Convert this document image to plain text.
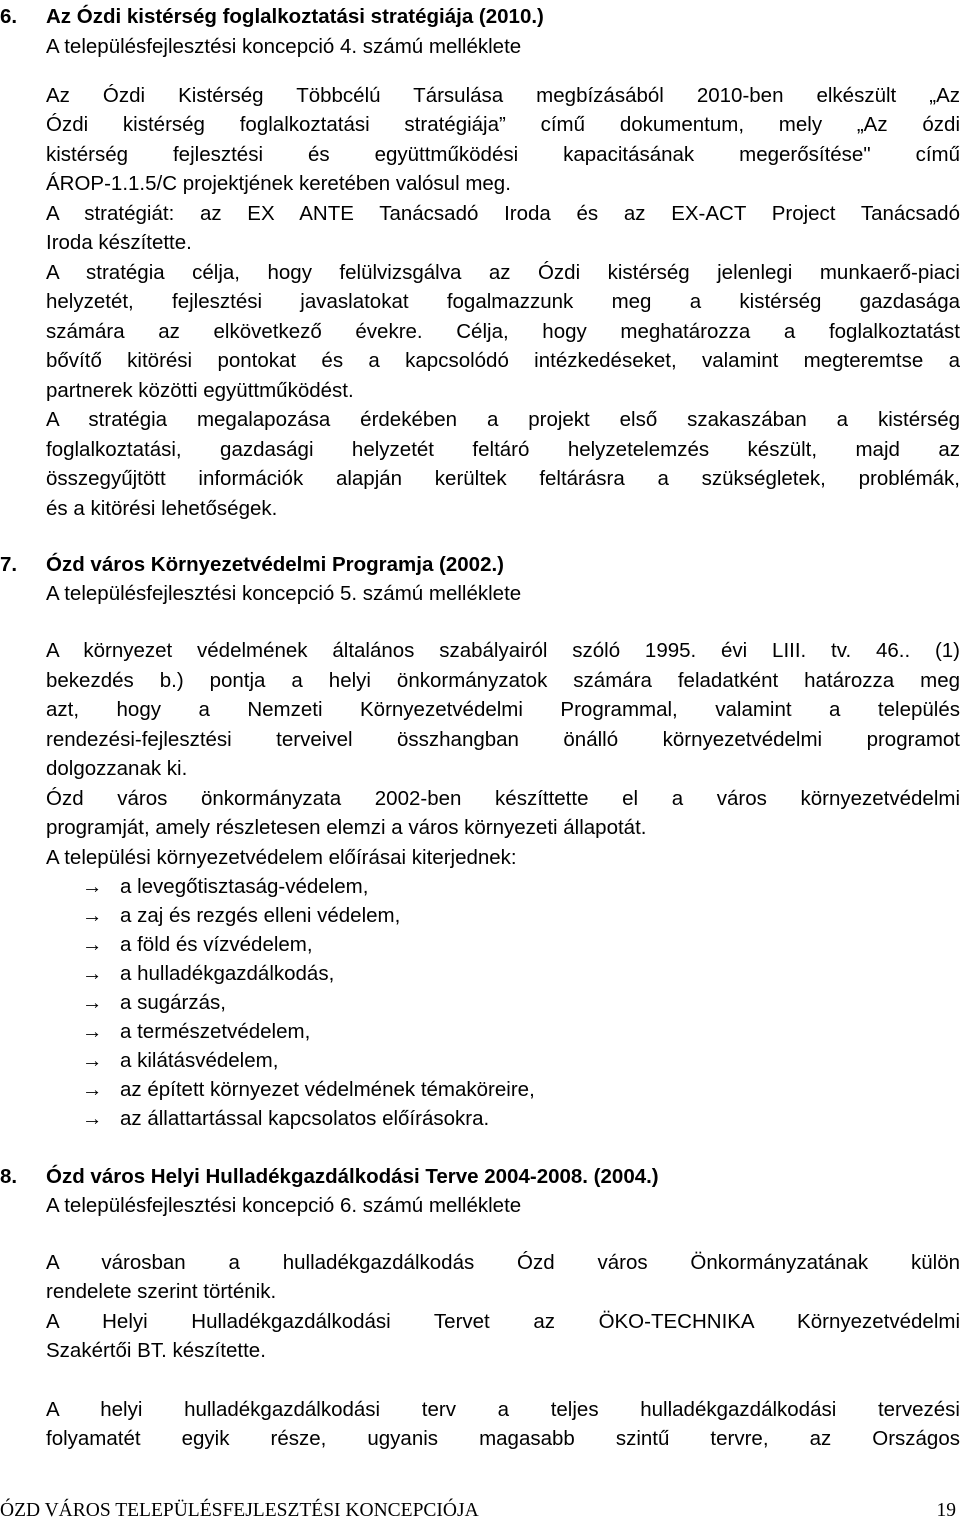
6.	Az Ózdi kistérség foglalkoztatási stratégiája (2010.)
A településfejlesztési koncepció 4. számú melléklete
Az Ózdi Kistérség Többcélú Társulása megbízásából 2010-ben elkészült „Az
Ózdi kistérség foglalkoztatási stratégiája” című dokumentum, mely „Az ózdi
kistérség fejlesztési és együttműködési kapacitásának megerősítése" című
ÁROP-1.1.5/C projektjének keretében valósul meg.
A stratégiát: az EX ANTE Tanácsadó Iroda és az EX-ACT Project Tanácsadó
Iroda készítette.
A stratégia célja, hogy felülvizsgálva az Ózdi kistérség jelenlegi munkaerő-piaci
helyzetét, fejlesztési javaslatokat fogalmazzunk meg a kistérség gazdasága
számára az elkövetkező évekre. Célja, hogy meghatározza a foglalkoztatást
bővítő kitörési pontokat és a kapcsolódó intézkedéseket, valamint megteremtse a
partnerek közötti együttműködést.
A stratégia megalapozása érdekében a projekt első szakaszában a kistérség
foglalkoztatási, gazdasági helyzetét feltáró helyzetelemzés készült, majd az
összegyűjtött információk alapján kerültek feltárásra a szükségletek, problémák,
és a kitörési lehetőségek.
7.	Ózd város Környezetvédelmi Programja (2002.)
A településfejlesztési koncepció 5. számú melléklete
A környezet védelmének általános szabályairól szóló 1995. évi LIII. tv. 46.. (1)
bekezdés b.) pontja a helyi önkormányzatok számára feladatként határozza meg
azt, hogy a Nemzeti Környezetvédelmi Programmal, valamint a település
rendezési-fejlesztési terveivel összhangban önálló környezetvédelmi programot
dolgozzanak ki.
Ózd város önkormányzata 2002-ben készíttette el a város környezetvédelmi
programját, amely részletesen elemzi a város környezeti állapotát.
A települési környezetvédelem előírásai kiterjednek:
→ a levegőtisztaság-védelem,
→ a zaj és rezgés elleni védelem,
→ a föld és vízvédelem,
→ a hulladékgazdálkodás,
→ a sugárzás,
→ a természetvédelem,
→ a kilátásvédelem,
→ az épített környezet védelmének témaköreire,
→ az állattartással kapcsolatos előírásokra.
8.	Ózd város Helyi Hulladékgazdálkodási Terve 2004-2008. (2004.)
A településfejlesztési koncepció 6. számú melléklete
A városban a hulladékgazdálkodás Ózd város Önkormányzatának külön
rendelete szerint történik.
A Helyi Hulladékgazdálkodási Tervet az ÖKO-TECHNIKA Környezetvédelmi
Szakértői BT. készítette.
A helyi hulladékgazdálkodási terv a teljes hulladékgazdálkodási tervezési
folyamatét egyik része, ugyanis magasabb szintű tervre, az Országos
ÓZD VÁROS TELEPÜLÉSFEJLESZTÉSI KONCEPCIÓJA	19
